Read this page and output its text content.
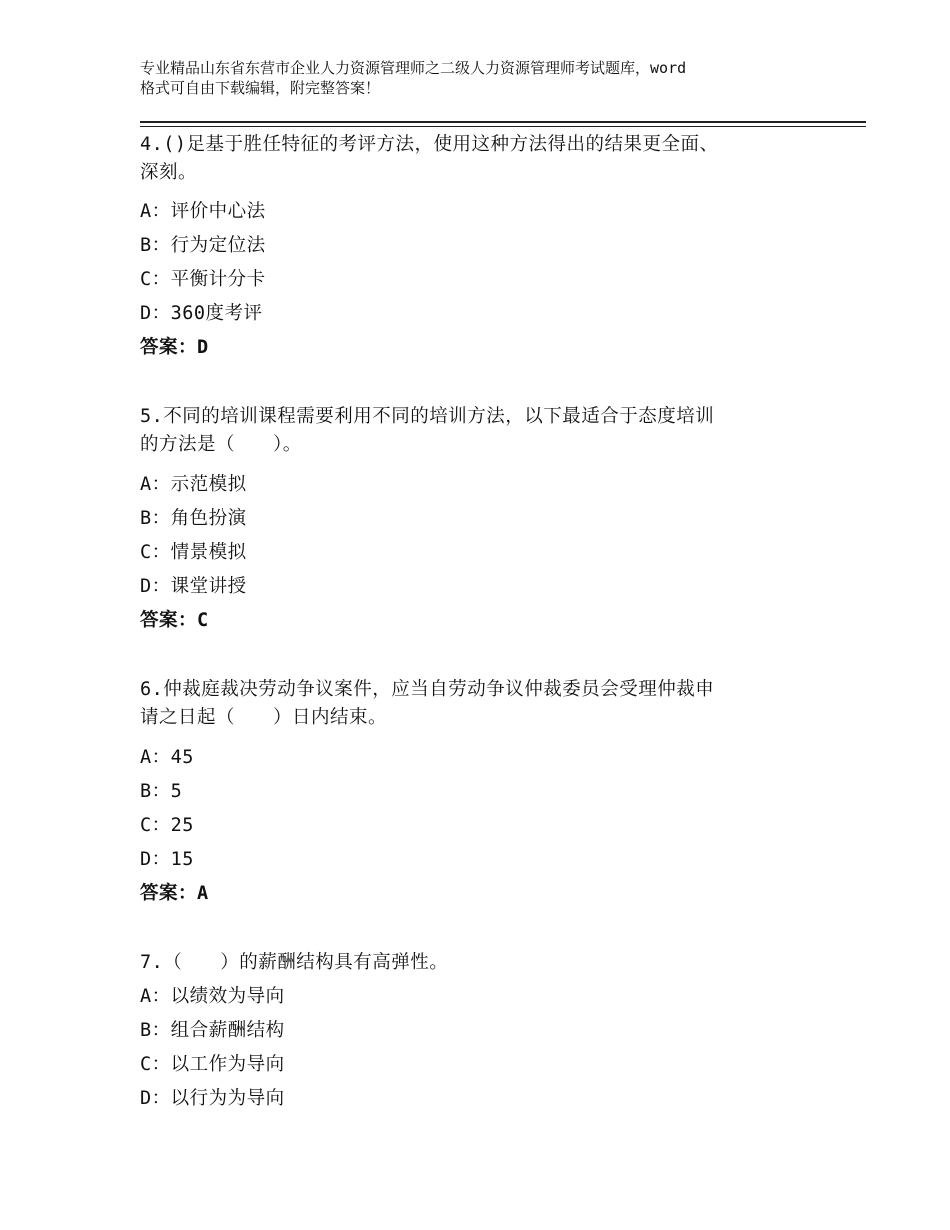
专业精品山东省东营市企业人力资源管理师之二级人力资源管理师考试题库，word
格式可自由下载编辑，附完整答案！
4.()足基于胜任特征的考评方法，使用这种方法得出的结果更全面、
深刻。
A：评价中心法
B：行为定位法
C：平衡计分卡
D：360度考评
答案：D
5.不同的培训课程需要利用不同的培训方法，以下最适合于态度培训
的方法是（　　）。
A：示范模拟
B：角色扮演
C：情景模拟
D：课堂讲授
答案：C
6.仲裁庭裁决劳动争议案件，应当自劳动争议仲裁委员会受理仲裁申
请之日起（　　）日内结束。
A：45
B：5
C：25
D：15
答案：A
7.（　　）的薪酬结构具有高弹性。
A：以绩效为导向
B：组合薪酬结构
C：以工作为导向
D：以行为为导向
